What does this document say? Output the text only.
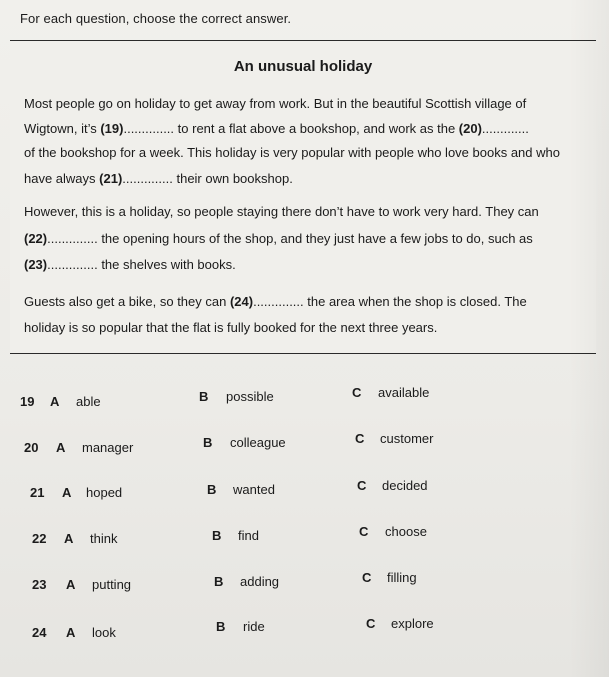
For each question, choose the correct answer.
An unusual holiday
Most people go on holiday to get away from work. But in the beautiful Scottish village of
Wigtown, it’s (19).............. to rent a flat above a bookshop, and work as the (20).............
of the bookshop for a week. This holiday is very popular with people who love books and who
have always (21).............. their own bookshop.
However, this is a holiday, so people staying there don’t have to work very hard. They can
(22).............. the opening hours of the shop, and they just have a few jobs to do, such as
(23).............. the shelves with books.
Guests also get a bike, so they can (24).............. the area when the shop is closed. The
holiday is so popular that the flat is fully booked for the next three years.
19 A able	B possible	C available
20 A manager	B colleague	C customer
21 A hoped	B wanted	C decided
22 A think	B find	C choose
23 A putting	B adding	C filling
24 A look	B ride	C explore
